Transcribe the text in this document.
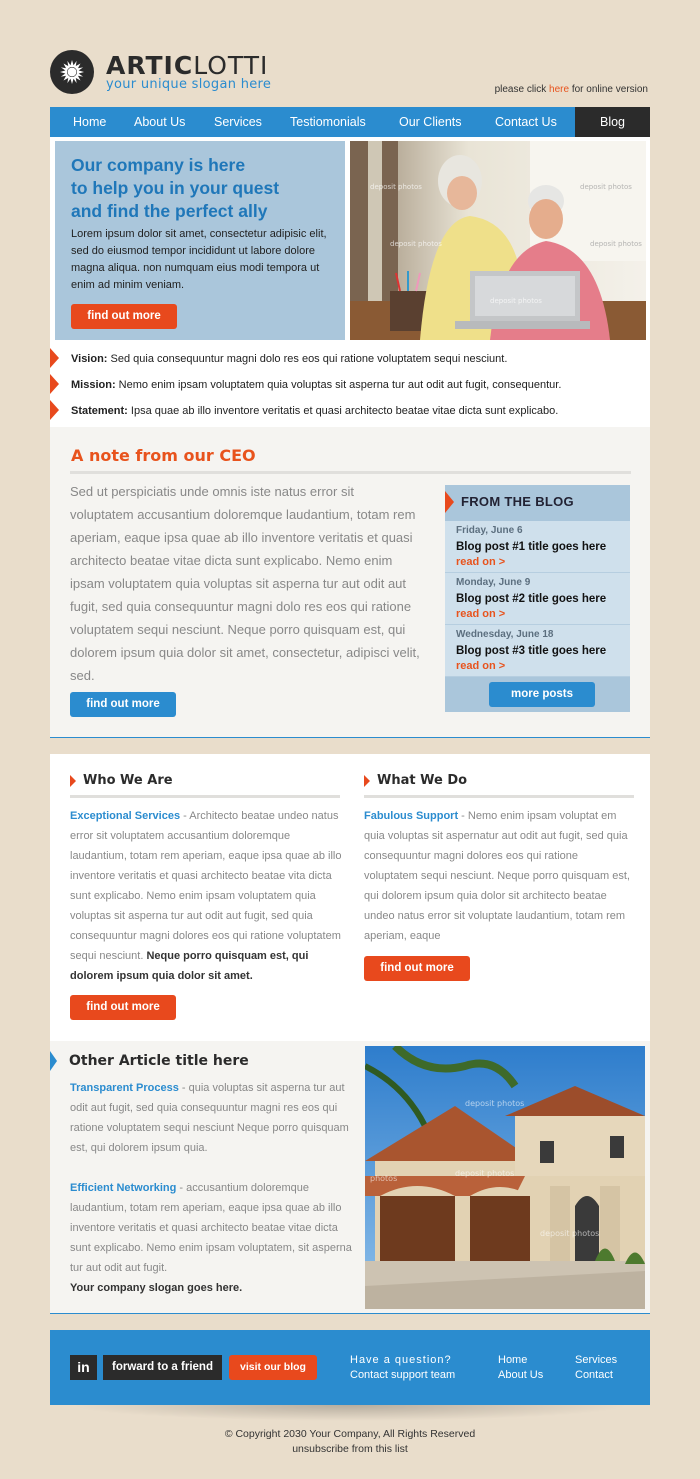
ARTICLOTTI
your unique slogan here	please click here for online version
Home About Us Services Testiomonials	Our Clients	Contact Us	Blog
Our company is here
to help you in your quest
and find the perfect ally
Lorem ipsum dolor sit amet, consectetur adipisic elit, sed do eiusmod tempor incididunt ut labore dolore magna aliqua. non numquam eius modi tempora ut enim ad minim veniam.
find out more
deposit photos	deposit photos
deposit photos	deposit photos
deposit photos
Vision: Sed quia consequuntur magni dolo res eos qui ratione voluptatem sequi nesciunt.
Mission: Nemo enim ipsam voluptatem quia voluptas sit asperna tur aut odit aut fugit, consequentur.
Statement: Ipsa quae ab illo inventore veritatis et quasi architecto beatae vitae dicta sunt explicabo.
A note from our CEO
Sed ut perspiciatis unde omnis iste natus error sit voluptatem accusantium doloremque laudantium, totam rem aperiam, eaque ipsa quae ab illo inventore veritatis et quasi architecto beatae vitae dicta sunt explicabo. Nemo enim ipsam voluptatem quia voluptas sit asperna tur aut odit aut fugit, sed quia consequuntur magni dolo res eos qui ratione voluptatem sequi nesciunt. Neque porro quisquam est, qui dolorem ipsum quia dolor sit amet, consectetur, adipisci velit, sed.
find out more
FROM THE BLOG
Friday, June 6
Blog post #1 title goes here
read on >
Monday, June 9
Blog post #2 title goes here
read on >
Wednesday, June 18
Blog post #3 title goes here
read on >
more posts
Who We Are
Exceptional Services - Architecto beatae undeo natus error sit voluptatem accusantium doloremque laudantium, totam rem aperiam, eaque ipsa quae ab illo inventore veritatis et quasi architecto beatae vita dicta sunt explicabo. Nemo enim ipsam voluptatem quia voluptas sit asperna tur aut odit aut fugit, sed quia consequuntur magni dolores eos qui ratione voluptatem sequi nesciunt. Neque porro quisquam est, qui dolorem ipsum quia dolor sit amet.
find out more
What We Do
Fabulous Support - Nemo enim ipsam voluptat em quia voluptas sit aspernatur aut odit aut fugit, sed quia consequuntur magni dolores eos qui ratione voluptatem sequi nesciunt. Neque porro quisquam est, qui dolorem ipsum quia dolor sit architecto beatae undeo natus error sit voluptate laudantium, totam rem aperiam, eaque
find out more
Other Article title here
Transparent Process - quia voluptas sit asperna tur aut odit aut fugit, sed quia consequuntur magni res eos qui ratione voluptatem sequi nesciunt Neque porro quisquam est, qui dolorem ipsum quia.
Efficient Networking - accusantium doloremque laudantium, totam rem aperiam, eaque ipsa quae ab illo inventore veritatis et quasi architecto beatae vitae dicta sunt explicabo. Nemo enim ipsam voluptatem, sit asperna tur aut odit aut fugit.
Your company slogan goes here.
photos
deposit photos
deposit photos
deposit photos
in	forward to a friend	visit our blog
Have a question?
Contact support team
Home
About Us
Services
Contact
© Copyright 2030 Your Company, All Rights Reserved
unsubscribe from this list
